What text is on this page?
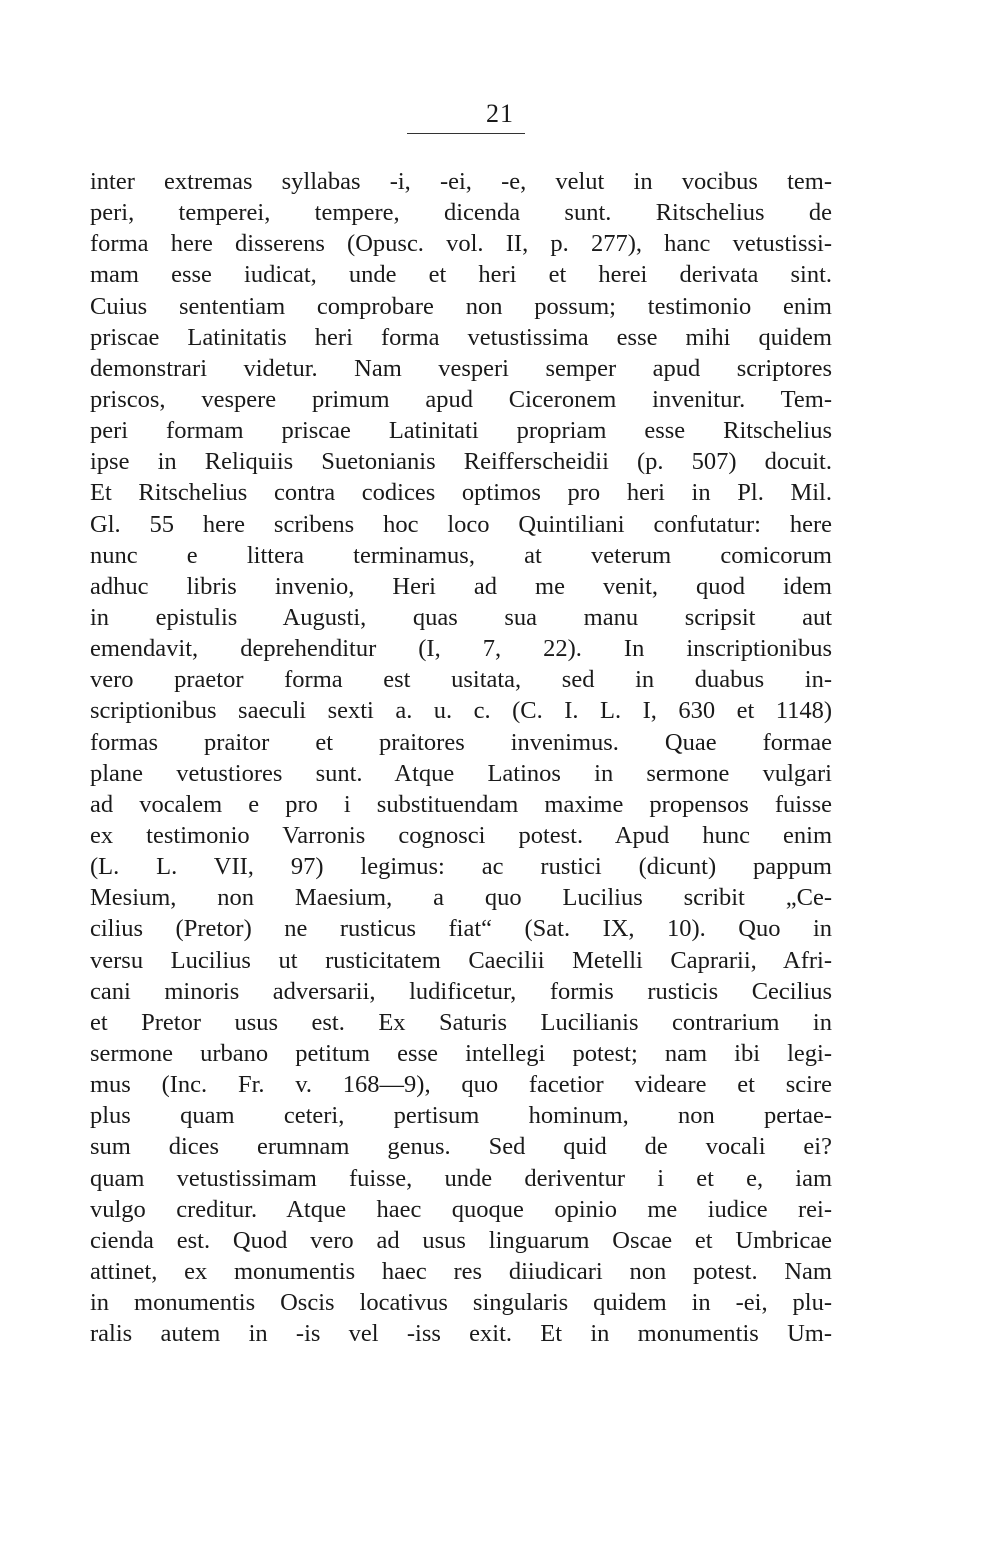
21
inter extremas syllabas -i, -ei, -e, velut in vocibus tem-
peri, temperei, tempere, dicenda sunt. Ritschelius de
forma here disserens (Opusc. vol. II, p. 277), hanc vetustissi-
mam esse iudicat, unde et heri et herei derivata sint.
Cuius sententiam comprobare non possum; testimonio enim
priscae Latinitatis heri forma vetustissima esse mihi quidem
demonstrari videtur. Nam vesperi semper apud scriptores
priscos, vespere primum apud Ciceronem invenitur. Tem-
peri formam priscae Latinitati propriam esse Ritschelius
ipse in Reliquiis Suetonianis Reifferscheidii (p. 507) docuit.
Et Ritschelius contra codices optimos pro heri in Pl. Mil.
Gl. 55 here scribens hoc loco Quintiliani confutatur: here
nunc e littera terminamus, at veterum comicorum
adhuc libris invenio, Heri ad me venit, quod idem
in epistulis Augusti, quas sua manu scripsit aut
emendavit, deprehenditur (I, 7, 22). In inscriptionibus
vero praetor forma est usitata, sed in duabus in-
scriptionibus saeculi sexti a. u. c. (C. I. L. I, 630 et 1148)
formas praitor et praitores invenimus. Quae formae
plane vetustiores sunt. Atque Latinos in sermone vulgari
ad vocalem e pro i substituendam maxime propensos fuisse
ex testimonio Varronis cognosci potest. Apud hunc enim
(L. L. VII, 97) legimus: ac rustici (dicunt) pappum
Mesium, non Maesium, a quo Lucilius scribit „Ce-
cilius (Pretor) ne rusticus fiat“ (Sat. IX, 10). Quo in
versu Lucilius ut rusticitatem Caecilii Metelli Caprarii, Afri-
cani minoris adversarii, ludificetur, formis rusticis Cecilius
et Pretor usus est. Ex Saturis Lucilianis contrarium in
sermone urbano petitum esse intellegi potest; nam ibi legi-
mus (Inc. Fr. v. 168—9), quo facetior videare et scire
plus quam ceteri, pertisum hominum, non pertae-
sum dices erumnam genus. Sed quid de vocali ei?
quam vetustissimam fuisse, unde deriventur i et e, iam
vulgo creditur. Atque haec quoque opinio me iudice rei-
cienda est. Quod vero ad usus linguarum Oscae et Umbricae
attinet, ex monumentis haec res diiudicari non potest. Nam
in monumentis Oscis locativus singularis quidem in -ei, plu-
ralis autem in -is vel -iss exit. Et in monumentis Um-
